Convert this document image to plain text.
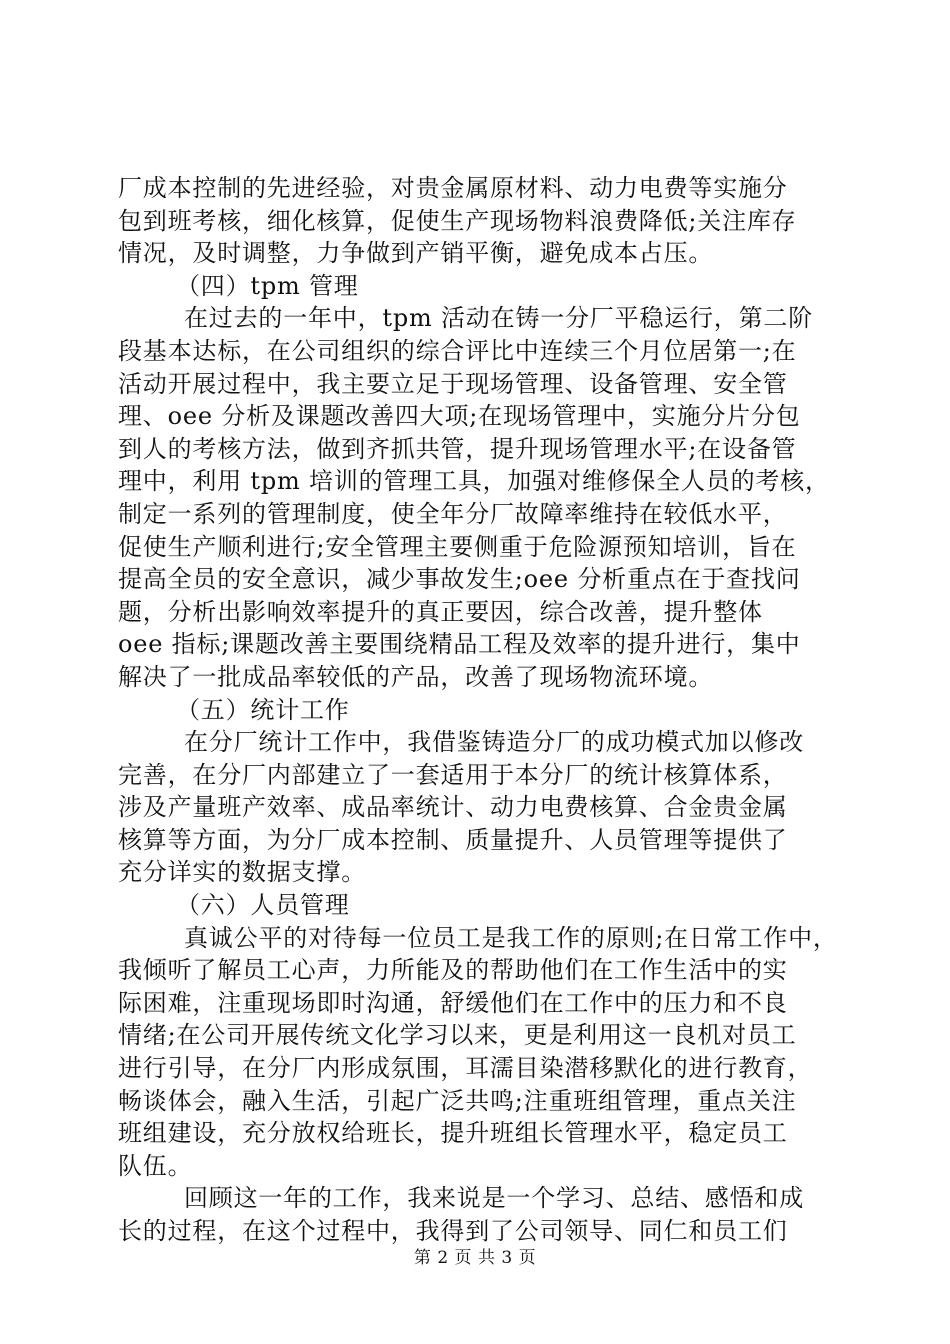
厂成本控制的先进经验，对贵金属原材料、动力电费等实施分
包到班考核，细化核算，促使生产现场物料浪费降低;关注库存
情况，及时调整，力争做到产销平衡，避免成本占压。
（四）tpm 管理
在过去的一年中，tpm 活动在铸一分厂平稳运行，第二阶
段基本达标，在公司组织的综合评比中连续三个月位居第一;在
活动开展过程中，我主要立足于现场管理、设备管理、安全管
理、oee 分析及课题改善四大项;在现场管理中，实施分片分包
到人的考核方法，做到齐抓共管，提升现场管理水平;在设备管
理中，利用 tpm 培训的管理工具，加强对维修保全人员的考核，
制定一系列的管理制度，使全年分厂故障率维持在较低水平，
促使生产顺利进行;安全管理主要侧重于危险源预知培训，旨在
提高全员的安全意识，减少事故发生;oee 分析重点在于查找问
题，分析出影响效率提升的真正要因，综合改善，提升整体
oee 指标;课题改善主要围绕精品工程及效率的提升进行，集中
解决了一批成品率较低的产品，改善了现场物流环境。
（五）统计工作
在分厂统计工作中，我借鉴铸造分厂的成功模式加以修改
完善，在分厂内部建立了一套适用于本分厂的统计核算体系，
涉及产量班产效率、成品率统计、动力电费核算、合金贵金属
核算等方面，为分厂成本控制、质量提升、人员管理等提供了
充分详实的数据支撑。
（六）人员管理
真诚公平的对待每一位员工是我工作的原则;在日常工作中，
我倾听了解员工心声，力所能及的帮助他们在工作生活中的实
际困难，注重现场即时沟通，舒缓他们在工作中的压力和不良
情绪;在公司开展传统文化学习以来，更是利用这一良机对员工
进行引导，在分厂内形成氛围，耳濡目染潜移默化的进行教育，
畅谈体会，融入生活，引起广泛共鸣;注重班组管理，重点关注
班组建设，充分放权给班长，提升班组长管理水平，稳定员工
队伍。
回顾这一年的工作，我来说是一个学习、总结、感悟和成
长的过程，在这个过程中，我得到了公司领导、同仁和员工们
第 2 页 共 3 页
